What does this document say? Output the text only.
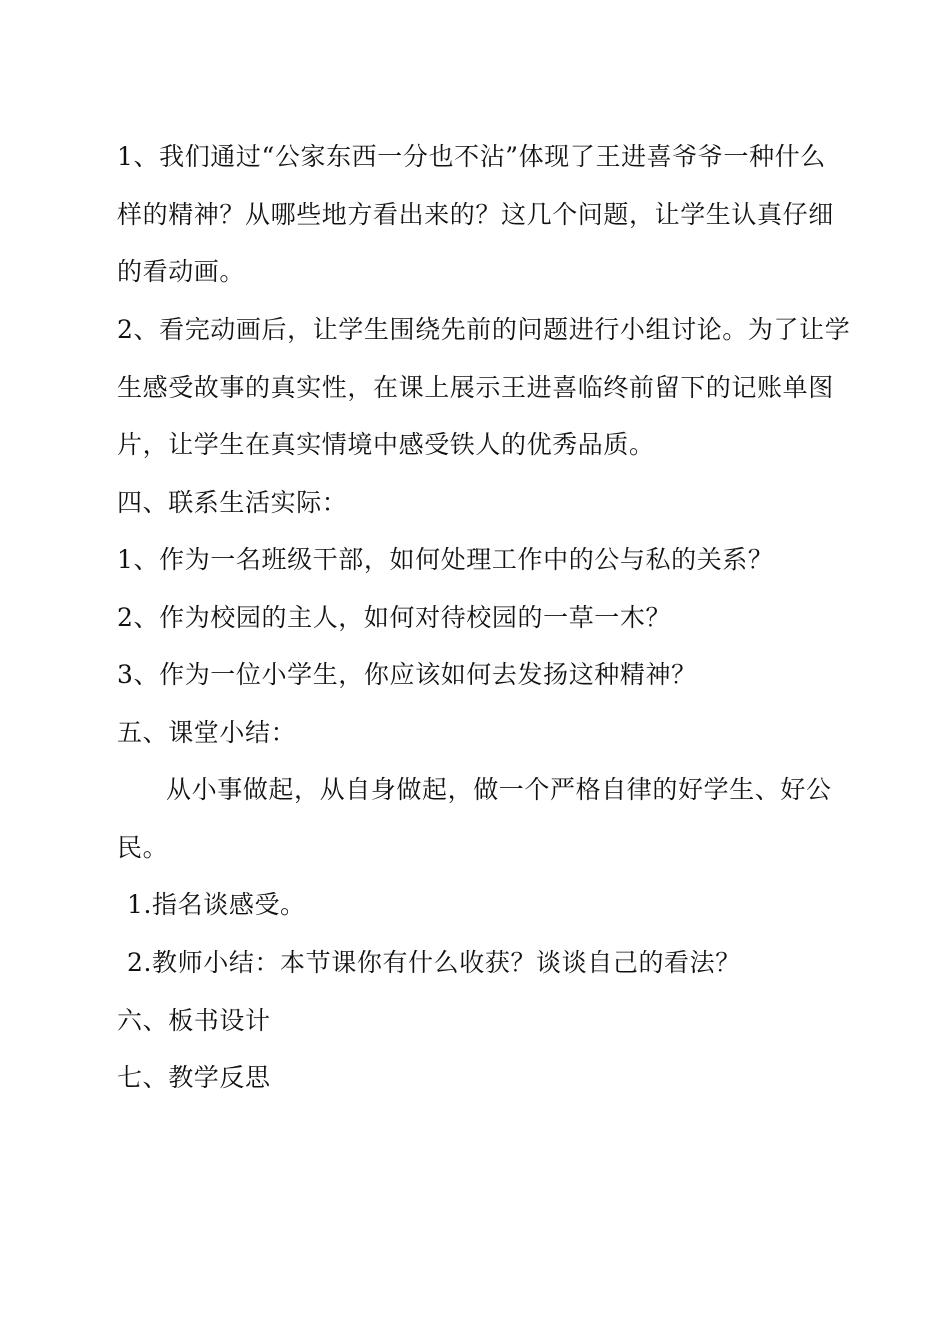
1、我们通过“公家东西一分也不沾”体现了王进喜爷爷一种什么
样的精神？从哪些地方看出来的？这几个问题，让学生认真仔细
的看动画。
2、看完动画后，让学生围绕先前的问题进行小组讨论。为了让学
生感受故事的真实性，在课上展示王进喜临终前留下的记账单图
片，让学生在真实情境中感受铁人的优秀品质。
四、联系生活实际：
1、作为一名班级干部，如何处理工作中的公与私的关系？
2、作为校园的主人，如何对待校园的一草一木？
3、作为一位小学生，你应该如何去发扬这种精神？
五、课堂小结：
从小事做起，从自身做起，做一个严格自律的好学生、好公
民。
1.指名谈感受。
2.教师小结：本节课你有什么收获？谈谈自己的看法？
六、板书设计
七、教学反思
